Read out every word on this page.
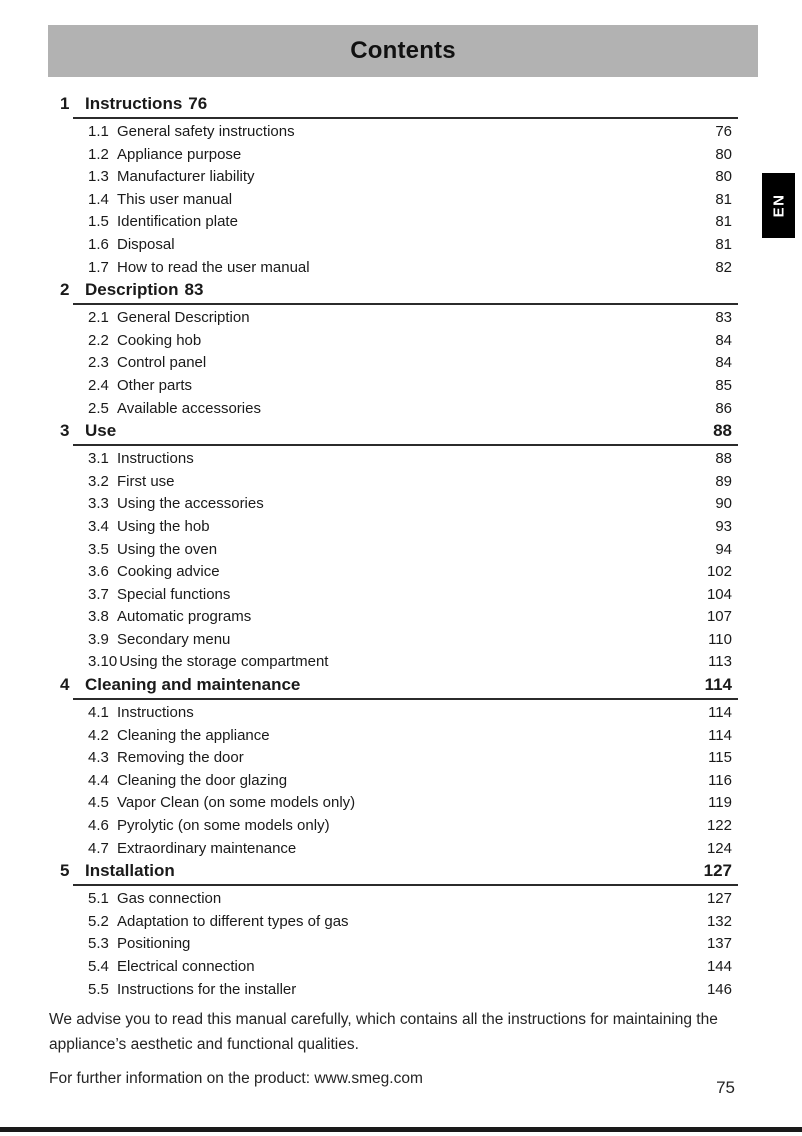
Contents
EN
1 Instructions 76
1.1 General safety instructions	76
1.2 Appliance purpose	80
1.3 Manufacturer liability	80
1.4 This user manual	81
1.5 Identification plate	81
1.6 Disposal	81
1.7 How to read the user manual	82
2 Description 83
2.1 General Description	83
2.2 Cooking hob	84
2.3 Control panel	84
2.4 Other parts	85
2.5 Available accessories	86
3 Use	88
3.1 Instructions	88
3.2 First use	89
3.3 Using the accessories	90
3.4 Using the hob	93
3.5 Using the oven	94
3.6 Cooking advice	102
3.7 Special functions	104
3.8 Automatic programs	107
3.9 Secondary menu	110
3.10 Using the storage compartment	113
4 Cleaning and maintenance	114
4.1 Instructions	114
4.2 Cleaning the appliance	114
4.3 Removing the door	115
4.4 Cleaning the door glazing	116
4.5 Vapor Clean (on some models only)	119
4.6 Pyrolytic (on some models only)	122
4.7 Extraordinary maintenance	124
5 Installation	127
5.1 Gas connection	127
5.2 Adaptation to different types of gas	132
5.3 Positioning	137
5.4 Electrical connection	144
5.5 Instructions for the installer	146

We advise you to read this manual carefully, which contains all the instructions for maintaining the appliance’s aesthetic and functional qualities.

For further information on the product: www.smeg.com	75
